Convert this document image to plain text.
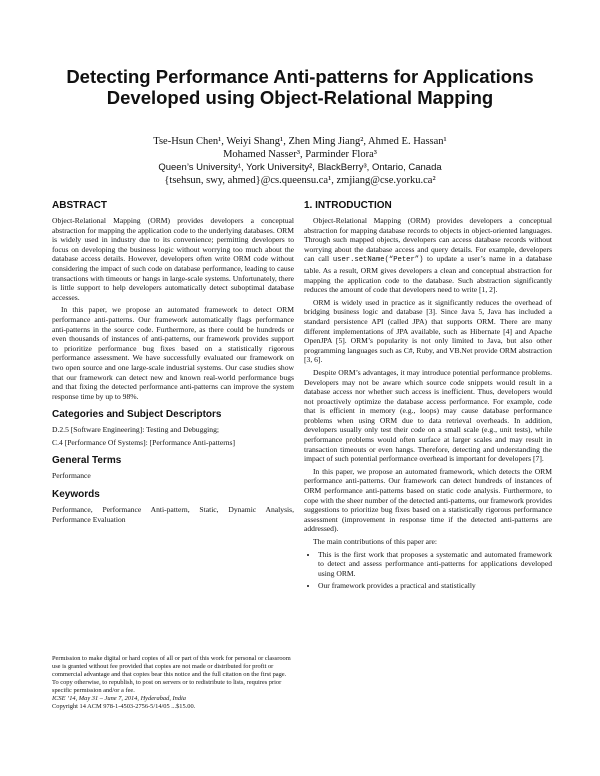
Detecting Performance Anti-patterns for Applications
Developed using Object-Relational Mapping
Tse-Hsun Chen¹, Weiyi Shang¹, Zhen Ming Jiang², Ahmed E. Hassan¹
Mohamed Nasser³, Parminder Flora³
Queen’s University¹, York University², BlackBerry³, Ontario, Canada
{tsehsun, swy, ahmed}@cs.queensu.ca¹, zmjiang@cse.yorku.ca²
ABSTRACT

Object-Relational Mapping (ORM) provides developers a conceptual abstraction for mapping the application code to the underlying databases. ORM is widely used in industry due to its convenience; permitting developers to focus on developing the business logic without worrying too much about the database access details. However, developers often write ORM code without considering the impact of such code on database performance, leading to cause transactions with timeouts or hangs in large-scale systems. Unfortunately, there is little support to help developers automatically detect suboptimal database accesses.

In this paper, we propose an automated framework to detect ORM performance anti-patterns. Our framework automatically flags performance anti-patterns in the source code. Furthermore, as there could be hundreds or even thousands of instances of anti-patterns, our framework provides support to prioritize performance bug fixes based on a statistically rigorous performance assessment. We have successfully evaluated our framework on two open source and one large-scale industrial systems. Our case studies show that our framework can detect new and known real-world performance bugs and that fixing the detected performance anti-patterns can improve the system response time by up to 98%.

Categories and Subject Descriptors

D.2.5 [Software Engineering]: Testing and Debugging;

C.4 [Performance Of Systems]: [Performance Anti-patterns]

General Terms

Performance

Keywords

Performance, Performance Anti-pattern, Static, Dynamic Analysis, Performance Evaluation

Permission to make digital or hard copies of all or part of this work for personal or classroom use is granted without fee provided that copies are not made or distributed for profit or commercial advantage and that copies bear this notice and the full citation on the first page. To copy otherwise, to republish, to post on servers or to redistribute to lists, requires prior specific permission and/or a fee.

ICSE ’14, May 31 – June 7, 2014, Hyderabad, India

Copyright 14 ACM 978-1-4503-2756-5/14/05 ...$15.00.

1. INTRODUCTION

Object-Relational Mapping (ORM) provides developers a conceptual abstraction for mapping database records to objects in object-oriented languages. Through such mapped objects, developers can access database records without worrying about the database access and query details. For example, developers can call user.setName(“Peter”) to update a user’s name in a database table. As a result, ORM gives developers a clean and conceptual abstraction for mapping the application code to the database. Such abstraction significantly reduces the amount of code that developers need to write [1, 2].

ORM is widely used in practice as it significantly reduces the overhead of bridging business logic and database [3]. Since Java 5, Java has included a standard persistence API (called JPA) that supports ORM. There are many different implementations of JPA available, such as Hibernate [4] and Apache OpenJPA [5]. ORM’s popularity is not only limited to Java, but also other programming languages such as C#, Ruby, and VB.Net provide ORM abstraction [3, 6].

Despite ORM’s advantages, it may introduce potential performance problems. Developers may not be aware which source code snippets would result in a database access nor whether such access is inefficient. Thus, developers would not proactively optimize the database access performance. For example, code that is efficient in memory (e.g., loops) may cause database performance problems when using ORM due to data retrieval overheads. In addition, developers usually only test their code on a small scale (e.g., unit tests), while performance problems would often surface at larger scales and may result in transaction timeouts or even hangs. Therefore, detecting and understanding the impact of such potential performance overhead is important for developers [7].

In this paper, we propose an automated framework, which detects the ORM performance anti-patterns. Our framework can detect hundreds of instances of ORM performance anti-patterns based on static code analysis. Furthermore, to cope with the sheer number of the detected anti-patterns, our framework provides suggestions to prioritize bug fixes based on a statistically rigorous performance assessment (improvement in response time if the detected anti-patterns are addressed).

The main contributions of this paper are:

• This is the first work that proposes a systematic and automated framework to detect and assess performance anti-patterns for applications developed using ORM.
• Our framework provides a practical and statistically
